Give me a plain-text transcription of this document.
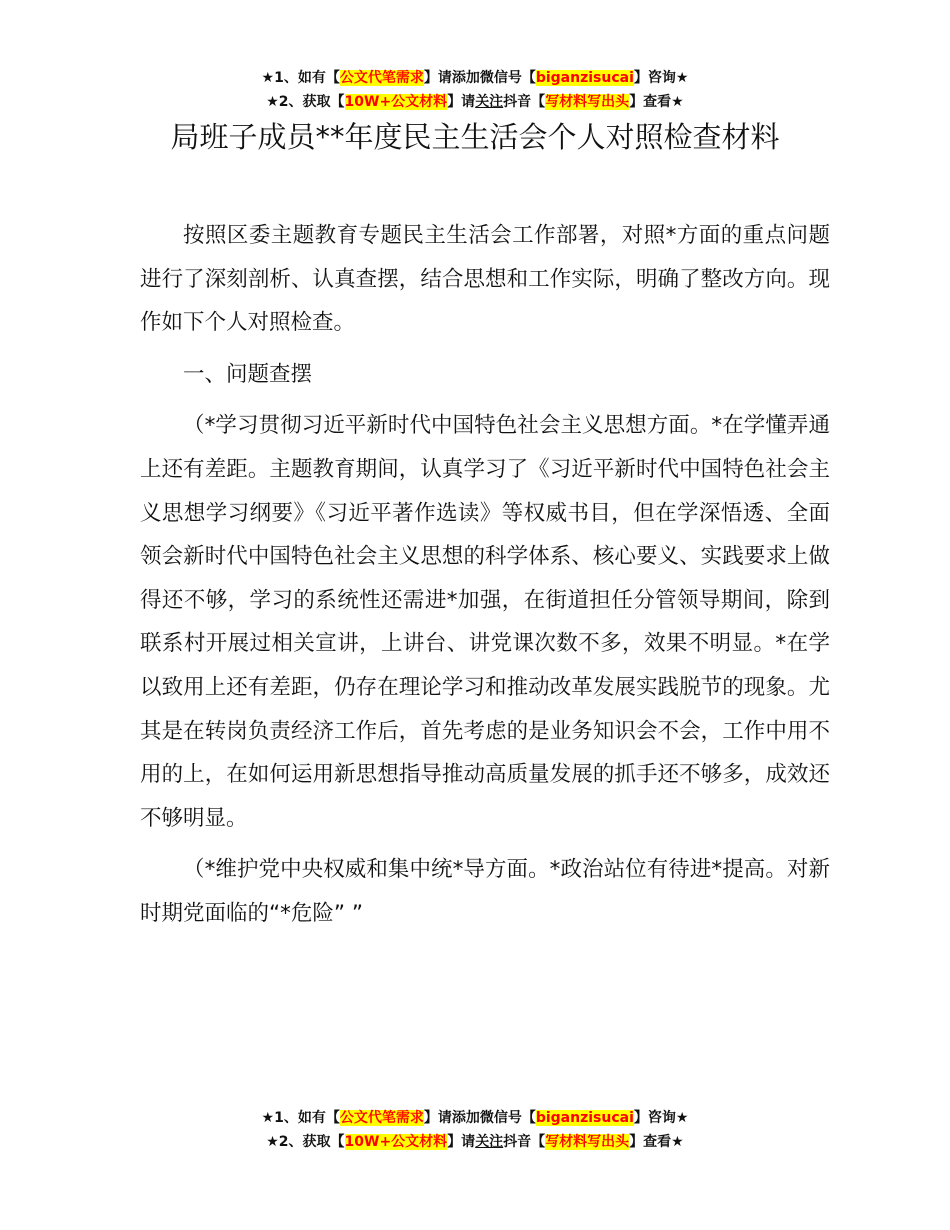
★1、如有【公文代笔需求】请添加微信号【biganzisucai】咨询★
★2、获取【10W+公文材料】请关注抖音【写材料写出头】查看★
局班子成员**年度民主生活会个人对照检查材料

按照区委主题教育专题民主生活会工作部署，对照*方面的重点问题进行了深刻剖析、认真查摆，结合思想和工作实际，明确了整改方向。现作如下个人对照检查。

一、问题查摆

（*学习贯彻习近平新时代中国特色社会主义思想方面。*在学懂弄通上还有差距。主题教育期间，认真学习了《习近平新时代中国特色社会主义思想学习纲要》《习近平著作选读》等权威书目，但在学深悟透、全面领会新时代中国特色社会主义思想的科学体系、核心要义、实践要求上做得还不够，学习的系统性还需进*加强，在街道担任分管领导期间，除到联系村开展过相关宣讲，上讲台、讲党课次数不多，效果不明显。*在学以致用上还有差距，仍存在理论学习和推动改革发展实践脱节的现象。尤其是在转岗负责经济工作后，首先考虑的是业务知识会不会，工作中用不用的上，在如何运用新思想指导推动高质量发展的抓手还不够多，成效还不够明显。

（*维护党中央权威和集中统*导方面。*政治站位有待进*提高。对新时期党面临的“*危险” ”

★1、如有【公文代笔需求】请添加微信号【biganzisucai】咨询★
★2、获取【10W+公文材料】请关注抖音【写材料写出头】查看★
